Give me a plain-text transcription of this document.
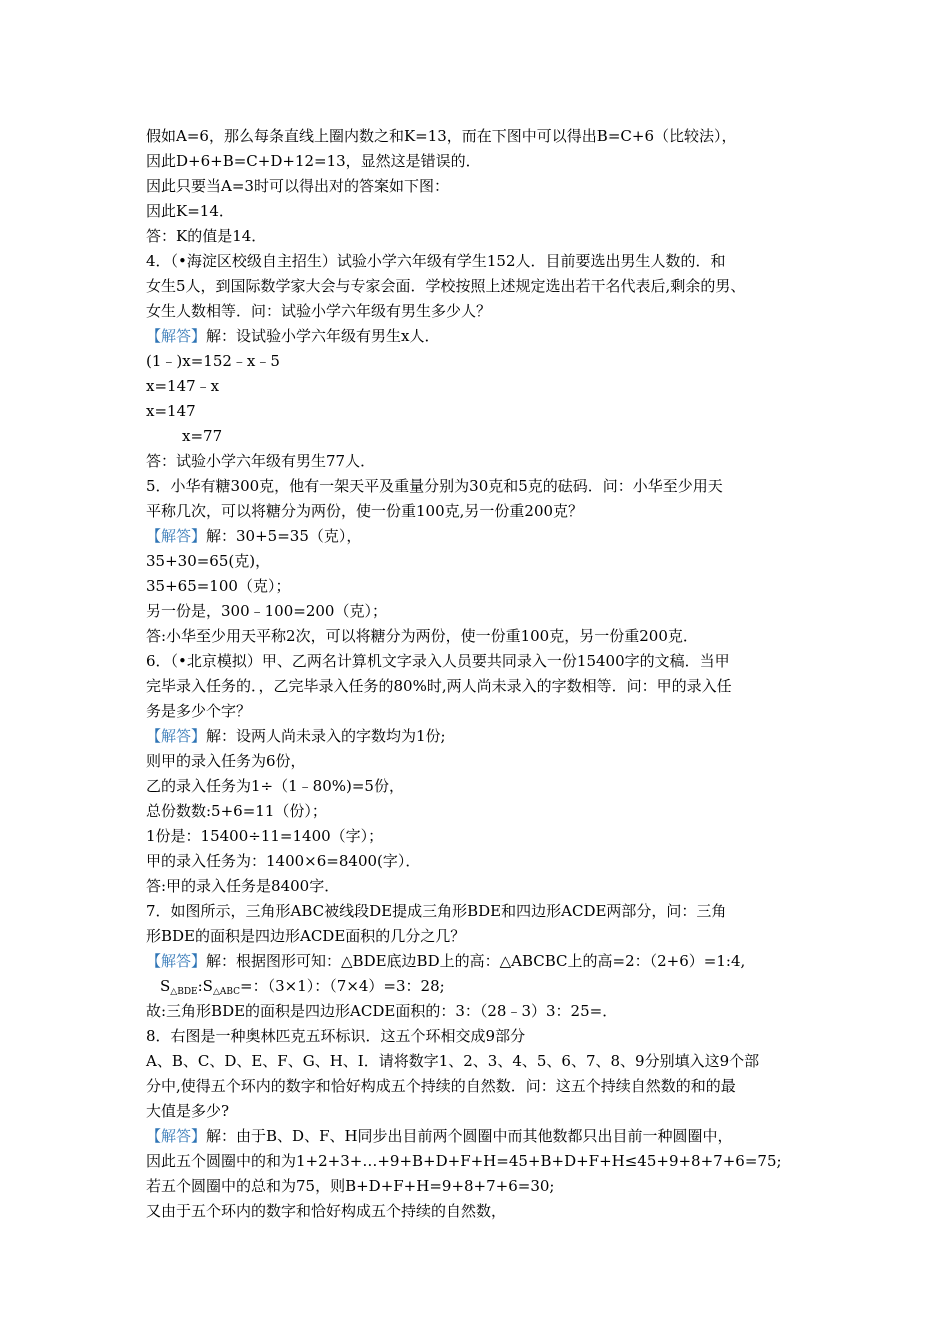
假如A=6，那么每条直线上圈内数之和K=13，而在下图中可以得出B=C+6（比较法），
因此D+6+B=C+D+12=13，显然这是错误的．
因此只要当A=3时可以得出对的答案如下图：
因此K=14．
答：K的值是14．
4．（•海淀区校级自主招生）试验小学六年级有学生152人．目前要选出男生人数的．和
女生5人，到国际数学家大会与专家会面．学校按照上述规定选出若干名代表后,剩余的男、
女生人数相等．问：试验小学六年级有男生多少人？
【解答】解：设试验小学六年级有男生x人．
(1﹣)x=152﹣x﹣5
x=147﹣x
x=147
x=77
答：试验小学六年级有男生77人．
5．小华有糖300克，他有一架天平及重量分别为30克和5克的砝码．问：小华至少用天
平称几次，可以将糖分为两份，使一份重100克,另一份重200克？
【解答】解：30+5=35（克），
35+30=65(克)，
35+65=100（克）；
另一份是，300﹣100=200（克）；
答:小华至少用天平称2次，可以将糖分为两份，使一份重100克，另一份重200克．
6．（•北京模拟）甲、乙两名计算机文字录入人员要共同录入一份15400字的文稿．当甲
完毕录入任务的．，乙完毕录入任务的80%时,两人尚未录入的字数相等．问：甲的录入任
务是多少个字？
【解答】解：设两人尚未录入的字数均为1份;
则甲的录入任务为6份，
乙的录入任务为1÷（1﹣80%)=5份，
总份数数:5+6=11（份）；
1份是：15400÷11=1400（字）；
甲的录入任务为：1400×6=8400(字）．
答:甲的录入任务是8400字．
7．如图所示，三角形ABC被线段DE提成三角形BDE和四边形ACDE两部分，问：三角
形BDE的面积是四边形ACDE面积的几分之几？
【解答】解：根据图形可知：△BDE底边BD上的高：△ABCBC上的高=2：（2+6）=1:4,
$S_{\triangle BDE}:S_{\triangle ABC}=$：（3×1）：（7×4）=3：28;
故:三角形BDE的面积是四边形ACDE面积的：3：（28﹣3）3：25=．
8．右图是一种奥林匹克五环标识．这五个环相交成9部分
A、B、C、D、E、F、G、H、I．请将数字1、2、3、4、5、6、7、8、9分别填入这9个部
分中,使得五个环内的数字和恰好构成五个持续的自然数．问：这五个持续自然数的和的最
大值是多少?
【解答】解：由于B、D、F、H同步出目前两个圆圈中而其他数都只出目前一种圆圈中，
因此五个圆圈中的和为1+2+3+…+9+B+D+F+H=45+B+D+F+H≤45+9+8+7+6=75;
若五个圆圈中的总和为75，则B+D+F+H=9+8+7+6=30;
又由于五个环内的数字和恰好构成五个持续的自然数，
